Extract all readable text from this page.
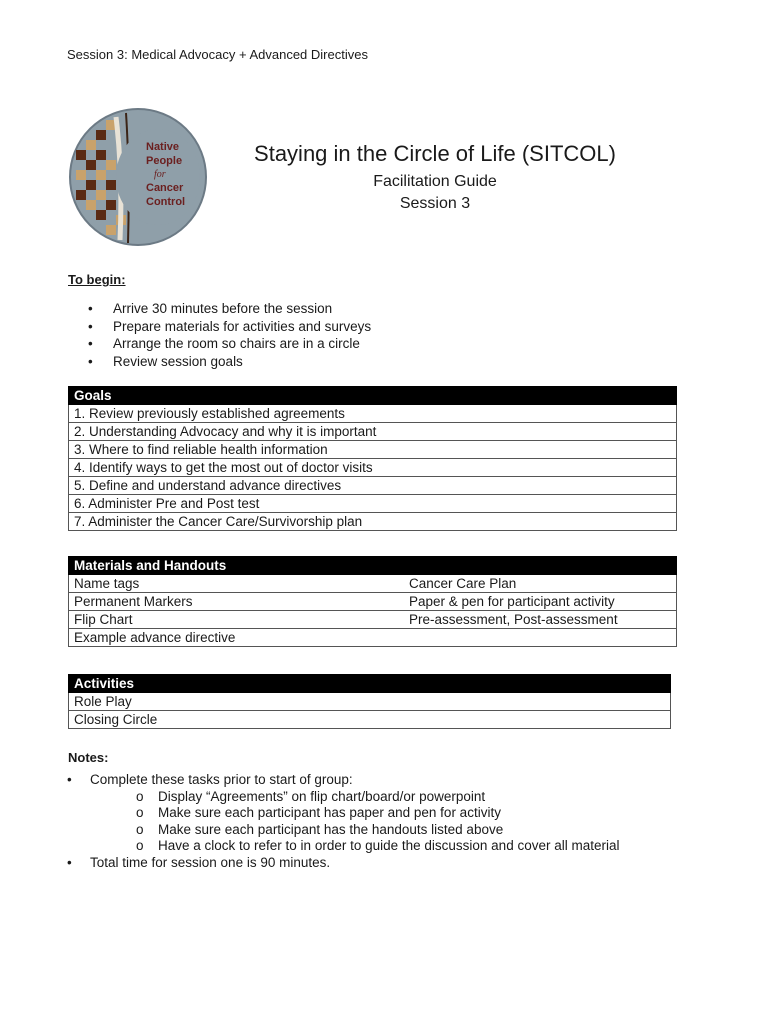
Session 3: Medical Advocacy + Advanced Directives
Native
People
for
Cancer
Control
Staying in the Circle of Life (SITCOL)
Facilitation Guide
Session 3
To begin:
• Arrive 30 minutes before the session
• Prepare materials for activities and surveys
• Arrange the room so chairs are in a circle
• Review session goals
Goals
1. Review previously established agreements
2. Understanding Advocacy and why it is important
3. Where to find reliable health information
4. Identify ways to get the most out of doctor visits
5. Define and understand advance directives
6. Administer Pre and Post test
7. Administer the Cancer Care/Survivorship plan
Materials and Handouts	
Name tags	Cancer Care Plan
Permanent Markers	Paper & pen for participant activity
Flip Chart	Pre-assessment, Post-assessment
Example advance directive	
Activities
Role Play
Closing Circle
Notes:
• Complete these tasks prior to start of group:
o Display “Agreements” on flip chart/board/or powerpoint
o Make sure each participant has paper and pen for activity
o Make sure each participant has the handouts listed above
o Have a clock to refer to in order to guide the discussion and cover all material
• Total time for session one is 90 minutes.
